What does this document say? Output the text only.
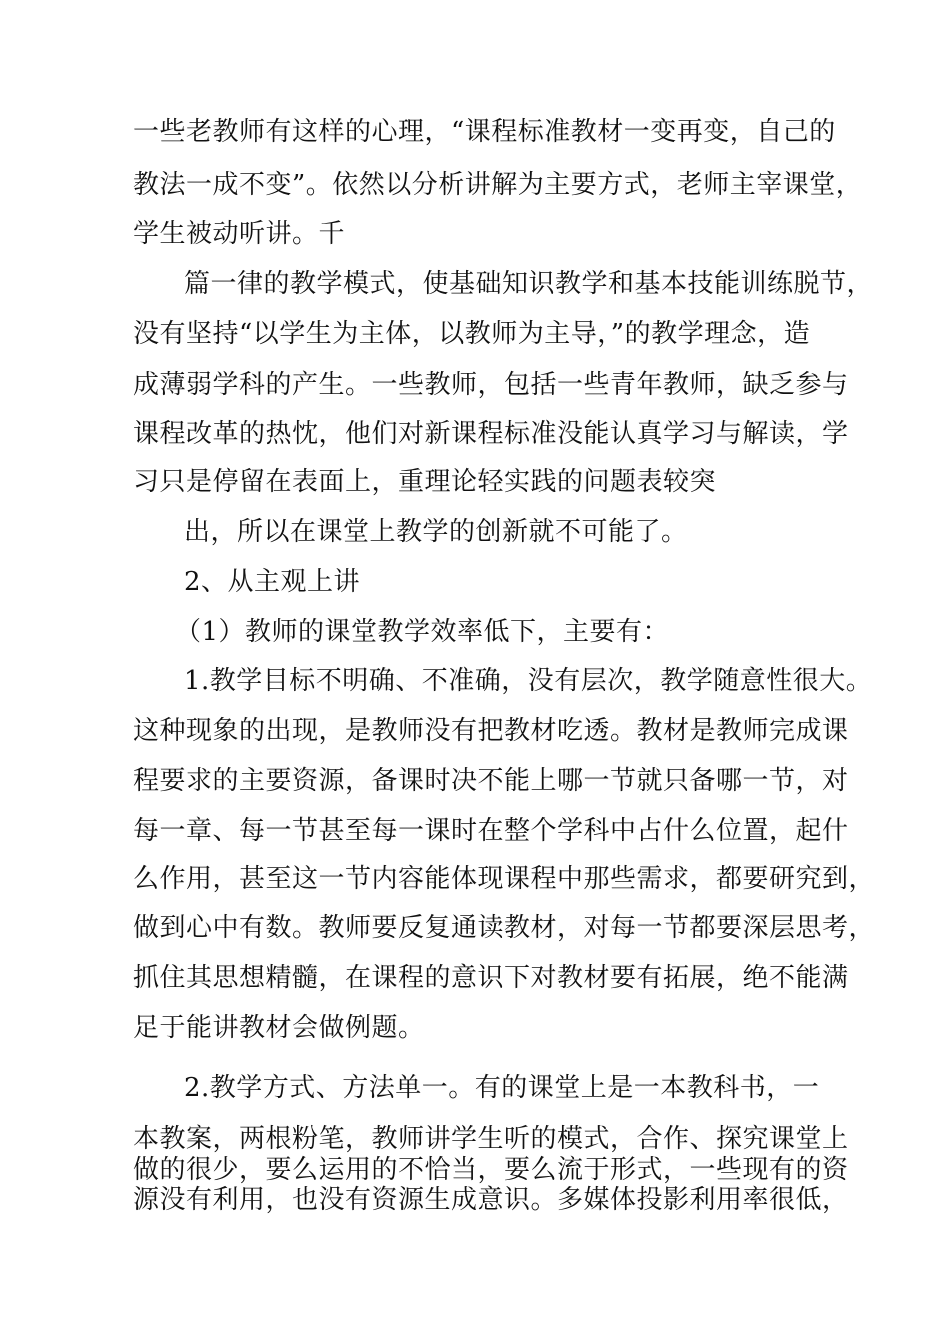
一些老教师有这样的心理，“课程标准教材一变再变，自己的
教法一成不变”。依然以分析讲解为主要方式，老师主宰课堂，
学生被动听讲。千
篇一律的教学模式，使基础知识教学和基本技能训练脱节，
没有坚持“以学生为主体，以教师为主导，”的教学理念，造
成薄弱学科的产生。一些教师，包括一些青年教师，缺乏参与
课程改革的热忱，他们对新课程标准没能认真学习与解读，学
习只是停留在表面上，重理论轻实践的问题表较突
出，所以在课堂上教学的创新就不可能了。
2、从主观上讲
（1）教师的课堂教学效率低下，主要有：
1.教学目标不明确、不准确，没有层次，教学随意性很大。
这种现象的出现，是教师没有把教材吃透。教材是教师完成课
程要求的主要资源，备课时决不能上哪一节就只备哪一节，对
每一章、每一节甚至每一课时在整个学科中占什么位置，起什
么作用，甚至这一节内容能体现课程中那些需求，都要研究到，
做到心中有数。教师要反复通读教材，对每一节都要深层思考，
抓住其思想精髓，在课程的意识下对教材要有拓展，绝不能满
足于能讲教材会做例题。
2.教学方式、方法单一。有的课堂上是一本教科书，一
本教案，两根粉笔，教师讲学生听的模式，合作、探究课堂上
做的很少，要么运用的不恰当，要么流于形式，一些现有的资
源没有利用，也没有资源生成意识。多媒体投影利用率很低，
